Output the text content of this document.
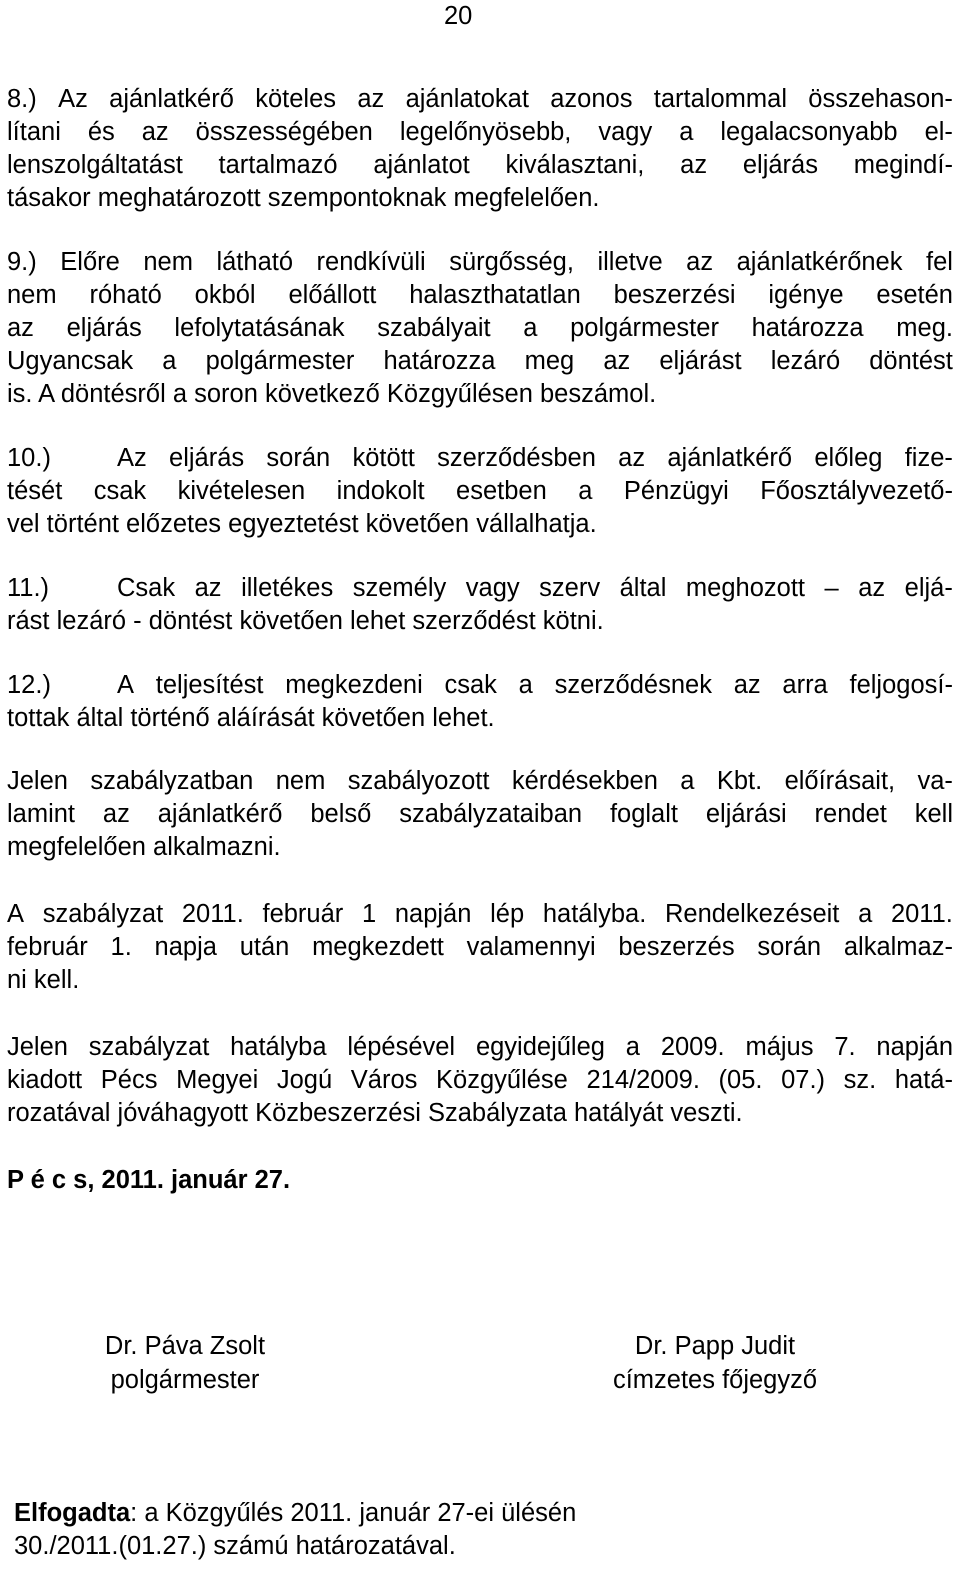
20
8.) Az ajánlatkérő köteles az ajánlatokat azonos tartalommal összehason-
lítani és az összességében legelőnyösebb, vagy a legalacsonyabb el-
lenszolgáltatást tartalmazó ajánlatot kiválasztani, az eljárás megindí-
tásakor meghatározott szempontoknak megfelelően.
9.) Előre nem látható rendkívüli sürgősség, illetve az ajánlatkérőnek fel
nem róható okból előállott halaszthatatlan beszerzési igénye esetén
az eljárás lefolytatásának szabályait a polgármester határozza meg.
Ugyancsak a polgármester határozza meg az eljárást lezáró döntést
is. A döntésről a soron következő Közgyűlésen beszámol.
10.)	Az eljárás során kötött szerződésben az ajánlatkérő előleg fize-
tését csak kivételesen indokolt esetben a Pénzügyi Főosztályvezető-
vel történt előzetes egyeztetést követően vállalhatja.
11.)	Csak az illetékes személy vagy szerv által meghozott – az eljá-
rást lezáró - döntést követően lehet szerződést kötni.
12.)	A teljesítést megkezdeni csak a szerződésnek az arra feljogosí-
tottak által történő aláírását követően lehet.
Jelen szabályzatban nem szabályozott kérdésekben a Kbt. előírásait, va-
lamint az ajánlatkérő belső szabályzataiban foglalt eljárási rendet kell
megfelelően alkalmazni.
A szabályzat 2011. február 1 napján lép hatályba. Rendelkezéseit a 2011.
február 1. napja után megkezdett valamennyi beszerzés során alkalmaz-
ni kell.
Jelen szabályzat hatályba lépésével egyidejűleg a 2009. május 7. napján
kiadott Pécs Megyei Jogú Város Közgyűlése 214/2009. (05. 07.) sz. hatá-
rozatával jóváhagyott Közbeszerzési Szabályzata hatályát veszti.
P é c s, 2011. január 27.
Dr. Páva Zsolt
polgármester
Dr. Papp Judit
címzetes főjegyző
Elfogadta: a Közgyűlés 2011. január 27-ei ülésén
30./2011.(01.27.) számú határozatával.
